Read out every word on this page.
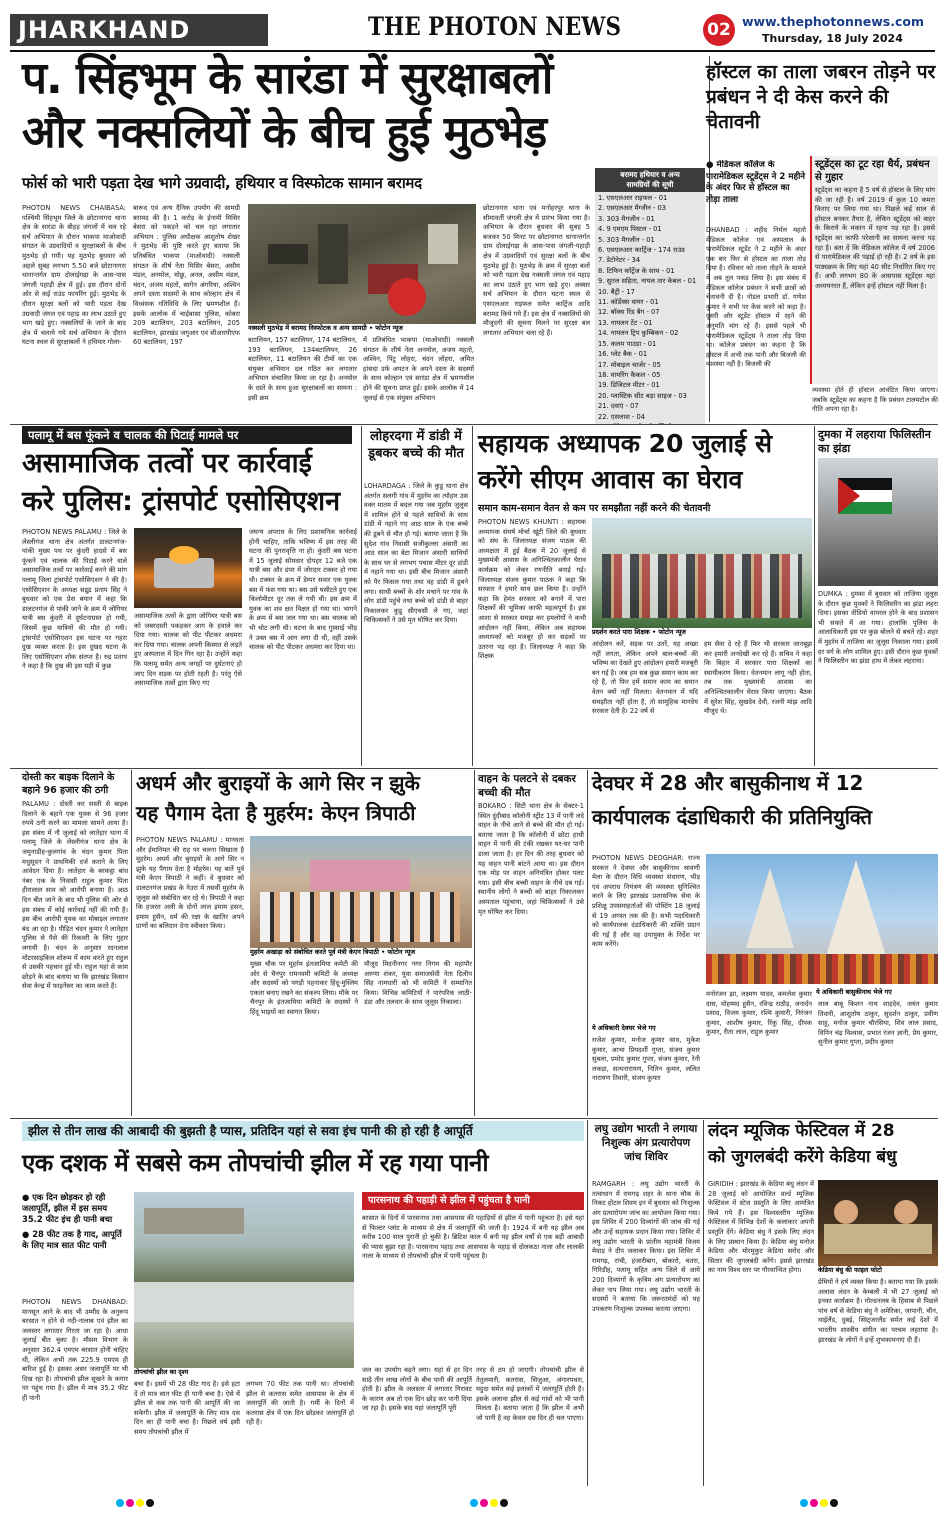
JHARKHAND	THE PHOTON NEWS	02 www.thephotonnews.com
Thursday, 18 July 2024
प. सिंहभूम के सारंडा में सुरक्षाबलों
और नक्सलियों के बीच हुई मुठभेड़
फोर्स को भारी पड़ता देख भागे उग्रवादी, हथियार व विस्फोटक सामान बरामद
PHOTON NEWS CHAIBASA: पश्चिमी सिंहभूम जिले के छोटानागरा थाना क्षेत्र के सारंडा के बीहड़ जंगलों में चल रहे सर्च अभियान के दौरान भाकपा माओवादी संगठन के उग्रवादियों व सुरक्षाबलों के बीच मुठभेड़ हो गयी। यह मुठभेड़ बुधवार को अहले सुबह लगभग 5.50 बजे छोटानागरा थानान्तर्गत ग्राम दोलाईगढ़ा के आस-पास जंगली पहाड़ी क्षेत्र में हुई। इस दौरान दोनों ओर से कई राउंड फायरिंग हुई। मुठभेड़ के दौरान सुरक्षा बलों को भारी पड़ता देख उग्रवादी जंगल एवं पहाड़ का लाभ उठाते हुए भाग खड़े हुए। नक्सलियों के जाने के बाद क्षेत्र में चलाये गये सर्च अभियान के दौरान घटना स्थल से सुरक्षाबलों ने हथियार गोला-
बारूद एवं अन्य दैनिक उपयोग की सामग्री बरामद की है। 1 करोड़ के ईनामी मिसिर बेसरा को पकड़ने को चल रहा लगातार अभियान : पुलिस अधीक्षक आशुतोष शेखर ने मुठभेड़ की पुष्टि करते हुए बताया कि प्रतिबंधित भाकपा (माओवादी) नक्सली संगठन के शीर्ष नेता मिसिर बेसरा, असीम मंडल, अनमोल, मोछु, अनल, असीम मंडल, चंदन, अजय महतो, सागेन अंगरिया, अश्विन अपने दस्ता सदस्यों के साथ कोल्हान क्षेत्र में विध्वंसक गतिविधि के लिए भ्रमणशील हैं। इसके आलोक में चाईबासा पुलिस, कोबरा 209 बटालियन, 203 बटालियन, 205 बटालियन, झारखंड जगुआर एवं सीआरपीएफ 60 बटालियन, 197
नक्सली मुठभेड़ में बरामद विस्फोटक व अन्य सामग्री • फोटोन न्यूज
बटालियन, 157 बटालियन, 174 बटालियन, 193 बटालियन, 134बटालियन, 26 बटालियन, 11 बटालियन की टीमों का एक संयुक्त अभियान दल गठित कर लगातार अभियान संचालित किया जा रहा है। अनमोल के दस्ते के साथ हुआ सुरक्षाबलों का सामना : इसी क्रम
में प्रतिबंधित भाकपा (माओवादी) नक्सली संगठन के शीर्ष नेता अनमोल, अजय महतो, अश्विन, पिंटु लोहरा, चंदन लोहरा, अमित हांसदा उर्फ अपटन के अपने दस्ता के सदस्यों के साथ कोल्हान एवं सारंडा क्षेत्र में भ्रमणशील होने की सूचना प्राप्त हुई। इसके आलोक में 14 जुलाई से एक संयुक्त अभियान
छोटानागरा थाना एवं मनोहरपुर थाना के सीमावर्ती जंगली क्षेत्र में प्रारंभ किया गया है। अभियान के दौरान बुधवार की सुबह 5 बजकर 50 मिनट पर छोटानागरा थानान्तर्गत ग्राम दोलाईगढ़ा के आस-पास जंगली-पहाड़ी क्षेत्र में उग्रवादियों एवं सुरक्षा बलों के बीच मुठभेड़ हुई है। मुठभेड़ के क्रम में सुरक्षा बलों को भारी पड़ता देख नक्सली जंगल एवं पहाड़ का लाभ उठाते हुए भाग खड़े हुए। अक्सर सर्च अभियान के दौरान घटना स्थल से एसएलआर राइफल समेत कार्ट्रिज आदि बरामद किये गये हैं। इस क्षेत्र में नक्सलियों की मौजूदगी की सूचना मिलने पर सुरक्षा बल लगातार अभियान चला रहे हैं।
बरामद हथियार व अन्य
सामग्रियों की सूची
1. एसएलआर राइफल - 01
2. एसएलआर मैग्जीन - 03
3. 303 मैगजीन - 01
4. 9 एमएम पिस्टल - 01
5. 303 मैगजीन - 01
6. एसएलआर कार्ट्रिज - 174 राउंड
7. डेटोनेटर - 34
8. टिफिन कॉर्ट्रेज के साथ - 01
9. सुतल सहिता, नायल तार केबल - 01
10. बैट्री - 17
11. कॉर्डेक्स वायर - 01
12. बॉक्स रिंड बैग - 07
13. नायलन टेंट - 01
14. नायलन ट्रिप कुम्बिकन - 02
15. कलम पाउडा - 01
16. प्लेट बैक - 01
17. मोबाइल चार्जर - 05
18. वायरिंग कैकल - 05
19. डिजिटल मीटर - 01
20. प्लास्टिक सीट बड़ा साइज - 03
21. दवाएं - 07
22. एसलाश - 04
हॉस्टल का ताला जबरन तोड़ने पर प्रबंधन ने दी केस करने की चेतावनी
● मेडिकल कॉलेज के पारामेडिकल स्टूडेंट्स ने 2 महीने के अंदर फिर से हॉस्टल का तोड़ा ताला
स्टूडेंट्स का टूट रहा धैर्य, प्रबंधन से गुहार
स्टूडेंट्स का कहना है 5 वर्ष से हॉस्टल के लिए मांग की जा रही है। वर्ष 2019 में कुल 10 कमरा किराए पर लिया गया था। पिछले कई साल से हॉस्टल बनकर तैयार है, लेकिन स्टूडेंट्स को बाहर के किराये के मकान में रहना पड़ रहा है। इससे स्टूडेंट्स का काफी परेशानी का सामना करना पड़ रहा है। बता दें कि मेडिकल कॉलेज में वर्ष 2006 से पारामेडिकल की पढ़ाई हो रही है। 2 वर्ष के इस पाठ्यक्रम के लिए यहां 40 सीट निर्धारित किए गए हैं। अभी लगभग 80 के आसपास स्टूडेंट्स यहां अध्ययनरत हैं, लेकिन इन्हें हॉस्टल नहीं मिला है।
DHANBAD : शहीद निर्मल महतो मेडिकल कॉलेज एवं अस्पताल के पारामेडिकल स्टूडेंट ने 2 महीने के अंदर एक बार फिर से हॉस्टल का ताला तोड़ दिया है। रविवार को ताला तोड़ने के मामले में अब तूल पकड़ लिया है। इस संबंध में मेडिकल कॉलेज प्रबंधन ने सभी छात्रों को चेतावनी दी है। नोडल प्रभारी डॉ. गणेश कुमार ने सभी पर केस करने को कहा है। दूसरी ओर स्टूडेंट हॉस्टल में रहने की अनुमति मांग रहे हैं। इससे पहले भी पारामेडिकल स्टूडेंट्स ने ताला तोड़ दिया था। कॉलेज प्रबंधन का कहना है कि हॉस्टल में अभी तक पानी और बिजली की व्यवस्था नहीं है। बिजली की
व्यवस्था होते ही हॉस्टल आवंटित किया जाएगा। जबकि स्टूडेंट्स का कहना है कि प्रबंधन टालमटोल की नीति अपना रहा है।
पलामू में बस फूंकने व चालक की पिटाई मामले पर
असामाजिक तत्वों पर कार्रवाई
करे पुलिस: ट्रांसपोर्ट एसोसिएशन
PHOTON NEWS PALAMU : जिले के लेस्लीगंज थाना क्षेत्र अंतर्गत डालटनगंज-पांकी मुख्य पथ पर कुंदरी हादसे में बस फूंकने एवं चालक की पिटाई करने वाले असामाजिक तत्वों पर कार्रवाई करने की मांग पलामू जिला ट्रांसपोर्ट एसोसिएशन ने की है। एसोसिएशन के अध्यक्ष सद्रुद्र प्रताप सिंह ने बुधवार को एक प्रेस बयान में कहा कि डालटनगंज से पांकी जाने के क्रम में जोगियर यात्री बस कुंदरी में दुर्घटनाग्रस्त हो गयी, जिसमें कुछ यात्रियों की मौत हो गयी। ट्रांसपोर्ट एसोसिएशन इस घटना पर गहरा दुख व्यक्त करता है। इस दुखद घटना के लिए एसोसिएशन शोक संतप्त है। रुद्र प्रताप ने कहा है कि दुख की इस घड़ी में कुछ
असामाजिक तत्वों के द्वारा जोगियर यात्री बस को जबरदस्ती पकड़कर आग के हवाले कर दिया गया। चालक को पीट पीटकर अधमरा कर दिया गया। चालक अपनी किस्मत से लड़ते हुए अस्पताल में दिन गिन रहा है। उन्होंने कहा कि पलामू समेत अन्य जगहों पर दुर्घटनाएं हो जाए दिन सड़क पर होती रहती है। परंतु ऐसे असामाजिक तत्वों द्वारा किए गए
जघन्य अपराध के लिए प्रशासनिक कार्रवाई होनी चाहिए, ताकि भविष्य में इस तरह की घटना की पुनरावृत्ति ना हो। कुंदरी बस घटना में 15 जुलाई सोमवार दोपहर 12 बजे एक यात्री बस और डंपर में जोरदार टक्कर हो गया थी। टक्कर के क्रम में डेम्पर सवार एक युवक बस में फंस गया था। बस उसे घसीटते हुए एक किलोमीटर दूर तक ले गयी थी। इस क्रम में युवक का शव क्षत विक्षत हो गया था। भागने के क्रम में बस जल गया था। बस चालक को भी चोट लगी थी। घटना के बाद गुस्साई भीड़ ने उक्त बस में आग लगा दी थी, वहीं उसके चालक को पीट पीटकर अधमरा कर दिया था।
लोहरदगा में डांडी में डूबकर बच्चे की मौत
LOHARDAGA : जिले के कुडू थाना क्षेत्र अंतर्गत सलगी गांव में मुहर्रम का त्योहार उस वक्त मातम में बदल गया जब मुहर्रम जुलूस में शामिल होने से पहले साथियों के साथ डांडी में नहाने गए आठ साल के एक बच्चे की डूबने से मौत हो गई। बताया जाता है कि सुदेश गांव निवासी सजीकुल्ला अंसारी का आठ साल का बेटा मिजान अंसारी साथियों के साथ घर से लगभग पचास मीटर दूर डांडी में नहाने गया था। इसी बीच मिजान अंसारी को पैर फिसल गया तथा वह डांडी में डूबने लगा। साथी बच्चों के शोर मचाने पर गांव के लोग डांडी पहुंचे तथा बच्चे को डांडी से बाहर निकालकर कुडू सीएचसी ले गए, जहां चिकित्सकों ने उसे मृत घोषित कर दिया।
सहायक अध्यापक 20 जुलाई से
करेंगे सीएम आवास का घेराव
समान काम-समान वेतन से कम पर समझौता नहीं करने की चेतावनी
PHOTON NEWS KHUNTI : सहायक अध्यापक संघर्ष मोर्चा खूंटी जिले की बुधवार को संघ के जिलाध्यक्ष संजय पाठक की अध्यक्षता में हुई बैठक में 20 जुलाई से मुख्यमंत्री आवास के अनिश्चितकालीन घेराव कार्यक्रम को लेकर रणनीति बनाई गई। जिलाध्यक्ष संजय कुमार पाठक ने कहा कि सरकार ने हमारे साथ छल किया है। उन्होंने कहा कि हेमंत सरकार को बनाने में पारा शिक्षकों की भूमिका काफी महत्वपूर्ण है। इस आशा से सरकार समझ कर हमलोगों ने कभी आंदोलन नहीं किया, लेकिन अब सहायक अध्यापकों को मजबूर हो कर सड़कों पर उतरना पड़ रहा है। जिलाध्यक्ष ने कहा कि शिक्षक
प्रदर्शन करते पारा शिक्षक • फोटोन न्यूज
आंदोलन करें, सड़क पर उतरें, यह अच्छा नहीं लगता, लेकिन अपने बाल-बच्चों की भविष्य का देखते हुए आंदोलन हमारी मजबूरी बन गई है। जब हम सब कुछ समान काम कर रहे हैं, तो फिर हमें समान काम का समान वेतन क्यों नहीं मिलता। वेतनमान में यदि समझौता नहीं होता है, तो सामूहिक मानदेय सरकार देती है। 22 वर्ष से
हम सेवा दे रहे हैं फिर भी सरकार जानबूझ कर हमारी अनदेखी कर रहे हैं। सचिव ने कहा कि बिहार में सरकार पारा शिक्षकों का स्थायीकरण किया। वेतनमान लागू नहीं होता, तब तक मुख्यमंत्री आवास का अनिश्चितकालीन घेराव किया जाएगा। बैठक में सुरेश सिंह, सुखदेव देवी, रजनी मांझ आदि मौजूद थे।
दुमका में लहराया फिलिस्तीन का झंडा
DUMKA : दुमका में बुधवार को ताजिया जुलूस के दौरान कुछ युवकों ने फिलिस्तीन का झंडा लहरा दिया। इसका वीडियो वायरल होने के बाद प्रशासन भी सकते में आ गया। हालांकि पुलिस के आलाधिकारी इस पर कुछ बोलने से बचते रहे। शहर में मुहर्रम में ताजिया का जुलूस निकाला गया। इसमें हर वर्ग के लोग शामिल हुए। इसी दौरान कुछ युवकों ने फिलिस्तीन का झंडा हाथ में लेकर लहराया।
दोस्ती कर बाइक दिलाने के बहाने 96 हजार की ठगी
PALAMU : दोस्ती कर सस्ती से बाइक दिलाने के बहाने एक युवक से 96 हजार रुपये ठगी करने का मामला सामने आया है। इस संबंध में नौ जुलाई को लातेहार थाना में पलामू जिले के लेस्लीगंज थाना क्षेत्र के जमुनाडीह-कुलगांव के चंदन कुमार पिता मधुसूदन ने प्राथमिकी दर्ज कराने के लिए आवेदन दिया है। लातेहार के बरकट्ठा बांध नंबर एक के निवासी राहुल कुमार पिता हीरालाल साव को आरोपी बनाया है। आठ दिन बीत जाने के बाद भी पुलिस की ओर से इस संबंध में कोई कार्रवाई नहीं की गयी है। इस बीच आरोपी युवक का मोबाइल लगातार बंद आ रहा है। पीड़ित चंदन कुमार ने लातेहार पुलिस से पैसे की रिकवरी के लिए गुहार लगायी है। चंदन के अनुसार रदनलाल मोटरसाइकिल शोरूम में काम करते हुए राहुल से उसकी पहचान हुई थी। राहुल यहां से काम छोड़ने के बाद बताया था कि झारखंड किसान सेवा केन्द्र में फाइनेंसर का काम करते हैं।
अधर्म और बुराइयों के आगे सिर न झुके
यह पैगाम देता है मुहर्रम: केएन त्रिपाठी
PHOTON NEWS PALAMU : मानवता और ईमानियत की राह पर चलना सिखाता है मुहर्रम। अधर्म और बुराइयों के आगे सिर न झुके यह पैगाम देता है मोहर्रम। यह बातें पूर्व मंत्री केएन त्रिपाठी ने कहीं। वे बुधवार को डालटनगंज प्रखंड के नेउरा में तसवीं मुहर्रम के जुलूस को संबोधित कर रहे थे। त्रिपाठी ने कहा कि हजरत अली के दोनों लाल इमाम हसन, इमाम हुसैन, धर्म की रक्षा के खातिर अपने प्राणों का बलिदान देना स्वीकार किया।
मुहर्रम अखाड़ा को संबोधित करते पूर्व मंत्री केएन त्रिपाठी • फोटोन न्यूज
मुख्य चौक पर मुहर्रम इंतजामिया कमेटी की ओर से चैनपुर रामनवमी कमिटी के अध्यक्ष और सदस्यों को पगड़ी पहनाकर हिंदू-मुस्लिम एकता बनाए रखने का संकल्प लिया। मौके पर चैनपुर के इंतजामिया कमिटी के सदस्यों ने हिंदू भाइयों का स्वागत किया।
मौजूद मिदनीनगर नगर निगम की महापौर अरुणा शंकर, युवा समाजसेवी नेता दिलीप सिंह नामधारी को भी कमिटी ने सम्मानित किया। विभिन्न कमिटियों ने पारंपरिक लाठी-डंडा और तलवार के साथ जुलूस निकाला।
वाहन के पलटने से दबकर बच्ची की मौत
BOKARO : सिटी थाना क्षेत्र के सेक्टर-1 स्थित दुंदीबाद कॉलोनी स्ट्रीट 13 में पानी लदे वाहन के नीचे आने से बच्चे की मौत हो गई। बताया जाता है कि कॉलोनी में छोटा हाथी वाहन में पानी की टंकी रखकर घर-घर पानी डाला जाता है। हर दिन की तरह बुधवार को यह वाहन पानी बांटने आया था। इस दौरान एक मोड़ पर वाहन अनियंत्रित होकर पलट गया। इसी बीच बच्ची वाहन के नीचे दब गई। स्थानीय लोगों ने बच्ची को बाहर निकालकर अस्पताल पहुंचाया, जहां चिकित्सकों ने उसे मृत घोषित कर दिया।
देवघर में 28 और बासुकीनाथ में 12
कार्यपालक दंडाधिकारी की प्रतिनियुक्ति
PHOTON NEWS DEOGHAR: राज्य सरकार ने देवघर और बासुकीनाथ श्रावणी मेला के दौरान विधि व्यवस्था संधारण, भीड़ एवं अपराध नियंत्रण की व्यवस्था सुनिश्चित करने के लिए झारखंड प्रशासनिक सेवा के प्रशिक्षु उपसमाहर्ताओं की पोस्टिंग 18 जुलाई से 19 अगस्त तक की है। सभी पदाधिकारी को कार्यपालक दंडाधिकारी की शक्ति प्रदान की गई है और वह उपायुक्त के निर्देश पर काम करेंगे।
ये अधिकारी देवघर भेजे गए
राजेश कुमार, मनोज कुमार साव, मुकेश कुमार, आभा प्रियदर्शी गुप्ता, संजय कुमार सुबला, प्रमोद कुमार गुप्ता, संजय कुमार, रेनी लकड़ा, सत्यनारायण, नितिन कुमार, ललित नारायण तिवारी, संजय कुमार
ये अधिकारी बासुकीनाथ भेजे गए
मनोरंजन झा, लक्ष्मण यादव, कमलेश कुमार दास, मोहम्मद हुसैन, रविन्द्र राठौड़, जनार्दन प्रसाद, विजय कुमार, रश्मि कुमारी, निरंजन कुमार, आशीष कुमार, रिंकू सिंह, दीपक कुमार, रीता लाल, राहुल कुमार
लाल बाबू किशन नाथ शाहदेव, जयंत कुमार तिवारी, आशुतोष ठाकुर, सुदर्शन ठाकुर, प्रवीण साहू, मनोज कुमार चौरसिया, शिव लाल प्रसाद, विपिन चंद्र विश्वास, प्रभात रंजन ज्ञानी, प्रेम कुमार, सुनील कुमार गुप्ता, प्रदीप कुमार
झील से तीन लाख की आबादी की बुझती है प्यास, प्रतिदिन यहां से सवा इंच पानी की हो रही है आपूर्ति
एक दशक में सबसे कम तोपचांची झील में रह गया पानी
● एक दिन छोड़कर हो रही जलापूर्ति, झील में इस समय 35.2 फीट इंच ही पानी बचा
● 28 फीट तक है गाद, आपूर्ति के लिए मात्र सात फीट पानी
PHOTON NEWS DHANBAD: मानसून आने के बाद भी उम्मीद के अनुरूप बरसात न होने से नदी-नालाब एवं झील का जलस्तर लगातार गिरता जा रहा है। आधा जुलाई बीत चुका है। मौसम विभाग के अनुसार 362.4 एमएम बरसात होनी चाहिए थी, लेकिन अभी तक 225.9 एमएम ही बारिश हुई है। इसका असर जलापूर्ति पर भी दिख रहा है। तोपचांची झील सूखने के कगार पर पहुंच गया है। झील में मात्र 35.2 फीट ही पानी
तोपचांची झील का दृश्य
बचा है। इसमें भी 28 फीट गाद है। इसे हटा दें तो मात्र सात फीट ही पानी बचा है। ऐसे में झील से कब तक पानी की आपूर्ति की जा सकेगी। झील में जलापूर्ति के लिए मात्र दस दिन का ही पानी बचा है। पिछले वर्ष इसी समय तोपचांची झील में
लगभग 70 फीट तक पानी था। तोपचांची झील से कतरास समेत आसपास के क्षेत्र में जलापूर्ति की जाती है। गर्मी के दिनों में कतरास क्षेत्र में एक दिन छोड़कर जलापूर्ति हो रही है।
पारसनाथ की पहाड़ी से झील में पहुंचता है पानी
बरसात के दिनों में पारसनाथ तथा आसपास की पहाड़ियों से झील में पानी पहुंचता है। इसे यहां से फिल्टर प्लांट के माध्यम से क्षेत्र में जलापूर्ति की जाती है। 1924 में बनी यह झील अब करीब 100 साल पुरानी हो चुकी है। ब्रिटिश काल में बनी यह झील वर्षों से एक बड़ी आबादी की प्यास बुझा रहा है। पारसनाथ पहाड़ तथा आसपास के पहाड़ से दोलकठा नाला और लालकी नाला के माध्यम से तोपचांची झील में पानी पहुंचता है।
जल का उपयोग बढ़ने लगा। यहां से हर दिन साढ़े तीन लाख लोगों के बीच पानी की आपूर्ति होती है। झील के जलस्तर में लगातार गिरावट के कारण अब तो एक दिन छोड़ कर पानी दिया जा रहा है। इसके बाद यहां जलापूर्ति पूरी
तरह से ठप हो जाएगी। तोपचांची झील से तेतुलमारी, कतरास, सिजुआ, अंगारपथरा, महुदा समेत कई इलाकों में जलापूर्ति होती है। इसके अलावा झील से कई गांवों को भी पानी मिलता है। बताया जाता है कि झील में अभी जो पानी है वह केवल दस दिन ही चल पाएगा।
लघु उद्योग भारती ने लगाया निशुल्क अंग प्रत्यारोपण जांच शिविर
RAMGARH : लघु उद्योग भारती के तत्वाधान में रामगढ़ शहर के थाना चौक के निकट होटल शिवम इन में बुधवार को निःशुल्क अंग प्रत्यारोपण जांच का आयोजन किया गया। इस शिविर में 200 दिव्यांगों की जांच की गई और उन्हें सहायक प्रदान किया गया। शिविर में लघु उद्योग भारती के प्रांतीय महामंत्री विजय मेवाड़ ने दीप जलाकर किया। इस शिविर में रामगढ़, रांची, हजारीबाग, बोकारो, चतरा, गिरिडीह, पलामू सहित अन्य जिले से आये 200 दिव्यांगों के कृत्रिम अंग प्रत्यारोपण का लेकर नाप लिया गया। लघु उद्योग भारती के सदस्यों ने बताया कि जरूरतमंदों को यह उपकरण निःशुल्क उपलब्ध कराया जाएगा।
लंदन म्यूजिक फेस्टिवल में 28
को जुगलबंदी करेंगे केडिया बंधु
GIRIDIH : झारखंड के केडिया बंधु लंदन में 28 जुलाई को आयोजित वर्ल्ड म्यूजिक फेस्टिवल में स्टेज प्रस्तुति के लिए आमंत्रित किये गये हैं। इस विश्वस्तरीय म्यूजिक फेस्टिवल में विभिन्न देशों के कलाकार अपनी प्रस्तुति देंगे। केडिया बंधु ने इसके लिए लंदन के लिए प्रस्थान किया है। केडिया बंधु मनोज केडिया और मोरमुकुट केडिया सरोद और सितार की जुगलबंदी करेंगे। इससे झारखंड का नाम विश्व स्तर पर गौरवान्वित होगा।	केडिया बंधु की फाइल फोटो
प्रेमियों ने हर्ष व्यक्त किया है। बताया गया कि इसके अलावा लंदन के केम्बली में भी 27 जुलाई को इनका कार्यक्रम है। गोल्डनलब के हिसाब से पिछले पांच वर्ष से केडिया बंधु ने अमेरिका, जापानी, चीन, थाईलैंड, दुबई, स्विट्जरलैंड समेत कई देशों में भारतीय शास्त्रीय संगीत का परचम लहराया है। झारखंड के लोगों ने इन्हें शुभकामनाएं दी हैं।
